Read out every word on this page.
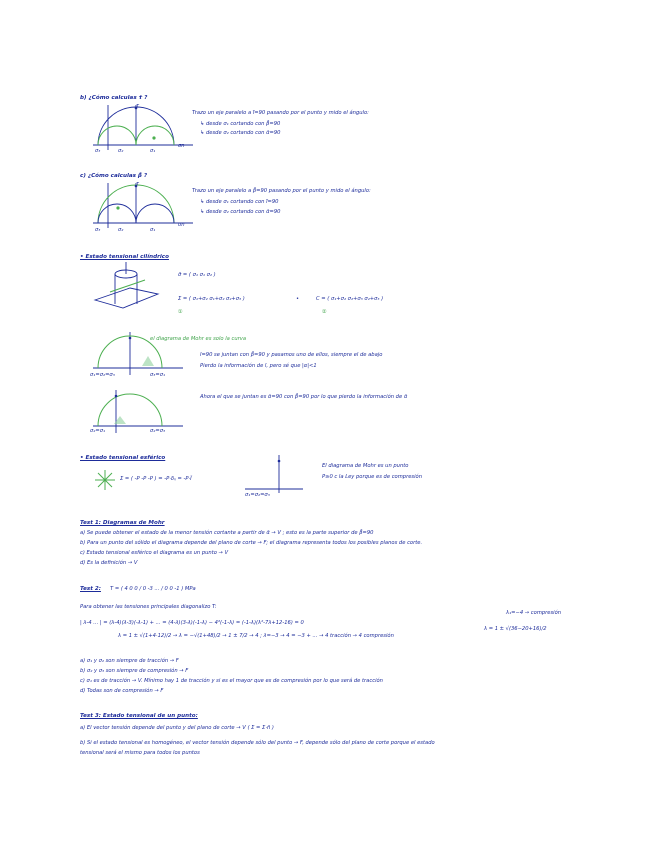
b) ¿Cómo calculas τ̄ ?
σ₃	σ₂	σ₁
τ
σn
Trazo un eje paralelo a ī̄=90 pasando por el punto y mido el ángulo:
↳ desde σ₁ cortando con β̄=90
↳ desde σ₂ cortando con ᾱ=90
c) ¿Cómo calculas β̄ ?
σ₃	σ₂	σ₁
τ
σn
Trazo un eje paralelo a β̄=90 pasando por el punto y mido el ángulo:
↳ desde σ₁ cortando con ī̄=90
↳ desde σ₂ cortando con ᾱ=90
• Estado tensional cilíndrico
σ̄ = ( σ₁ σ₁ σ₂ )
Σ = ( σ₁+σ₂ σ₁+σ₂ σ₂+σ₃ )	•	C = ( σ₁+σ₂ σ₂+σ₃ σ₂+σ₃ )
①	②
el diagrama de Mohr es solo la curva
σ₁=σ₂=σ₃	σ₃=σ₁
ī=90 se juntan con β̄=90 y pasamos uno de ellos, siempre el de abajo
Pierdo la información de ī, pero sé que |α|<1
σ₂=σ₁	σ₂=σ₃
Ahora el que se juntan es ᾱ=90 con β̄=90 por lo que pierdo la información de ᾱ
• Estado tensional esférico
Σ = ( -P -P -P ) = -P·δᵢⱼ = -P·Ĩ
σ₁=σ₂=σ₃
El diagrama de Mohr es un punto
P≥0 c la Ley porque es de compresión
Test 1: Diagramas de Mohr
a) Se puede obtener el estado de la menor tensión cortante a partir de ᾱ → V ; esto es la parte superior de β̄=90
b) Para un punto del sólido el diagrama depende del plano de corte → F; el diagrama representa todos los posibles planos de corte.
c) Estado tensional esférico el diagrama es un punto → V
d) Es la definición → V
Test 2: T = ( 4 0 0 / 0 -3 ... / 0 0 -1 ) MPa
Para obtener las tensiones principales diagonalizo T:
| λ-4 ... | = (λ-4)(λ-3)(-λ-1) + ... = (4-λ)(3-λ)(-1-λ) − 4²(-1-λ) = (-1-λ)(λ²-7λ+12-16) = 0
λ = 1 ± √(1+4·12)/2 → λ = −√(1+48)/2 → 1 ± 7/2 → 4 ; λ=−3 → 4 = −3 + ... → 4 tracción → 4 compresión
λ₁=−4 → compresión
λ = 1 ± √(36−20+16)/2
a) σ₁ y σ₂ son siempre de tracción → F
b) σ₂ y σ₃ son siempre de compresión → F
c) σ₁ es de tracción → V. Mínimo hay 1 de tracción y si es el mayor que es de compresión por lo que será de tracción
d) Todas son de compresión → F
Test 3: Estado tensional de un punto:
a) El vector tensión depende del punto y del plano de corte → V ( Σ = Σ·n̄ )
b) Si el estado tensional es homogéneo, el vector tensión depende sólo del punto → F, depende sólo del plano de corte porque el estado
tensional será el mismo para todos los puntos
